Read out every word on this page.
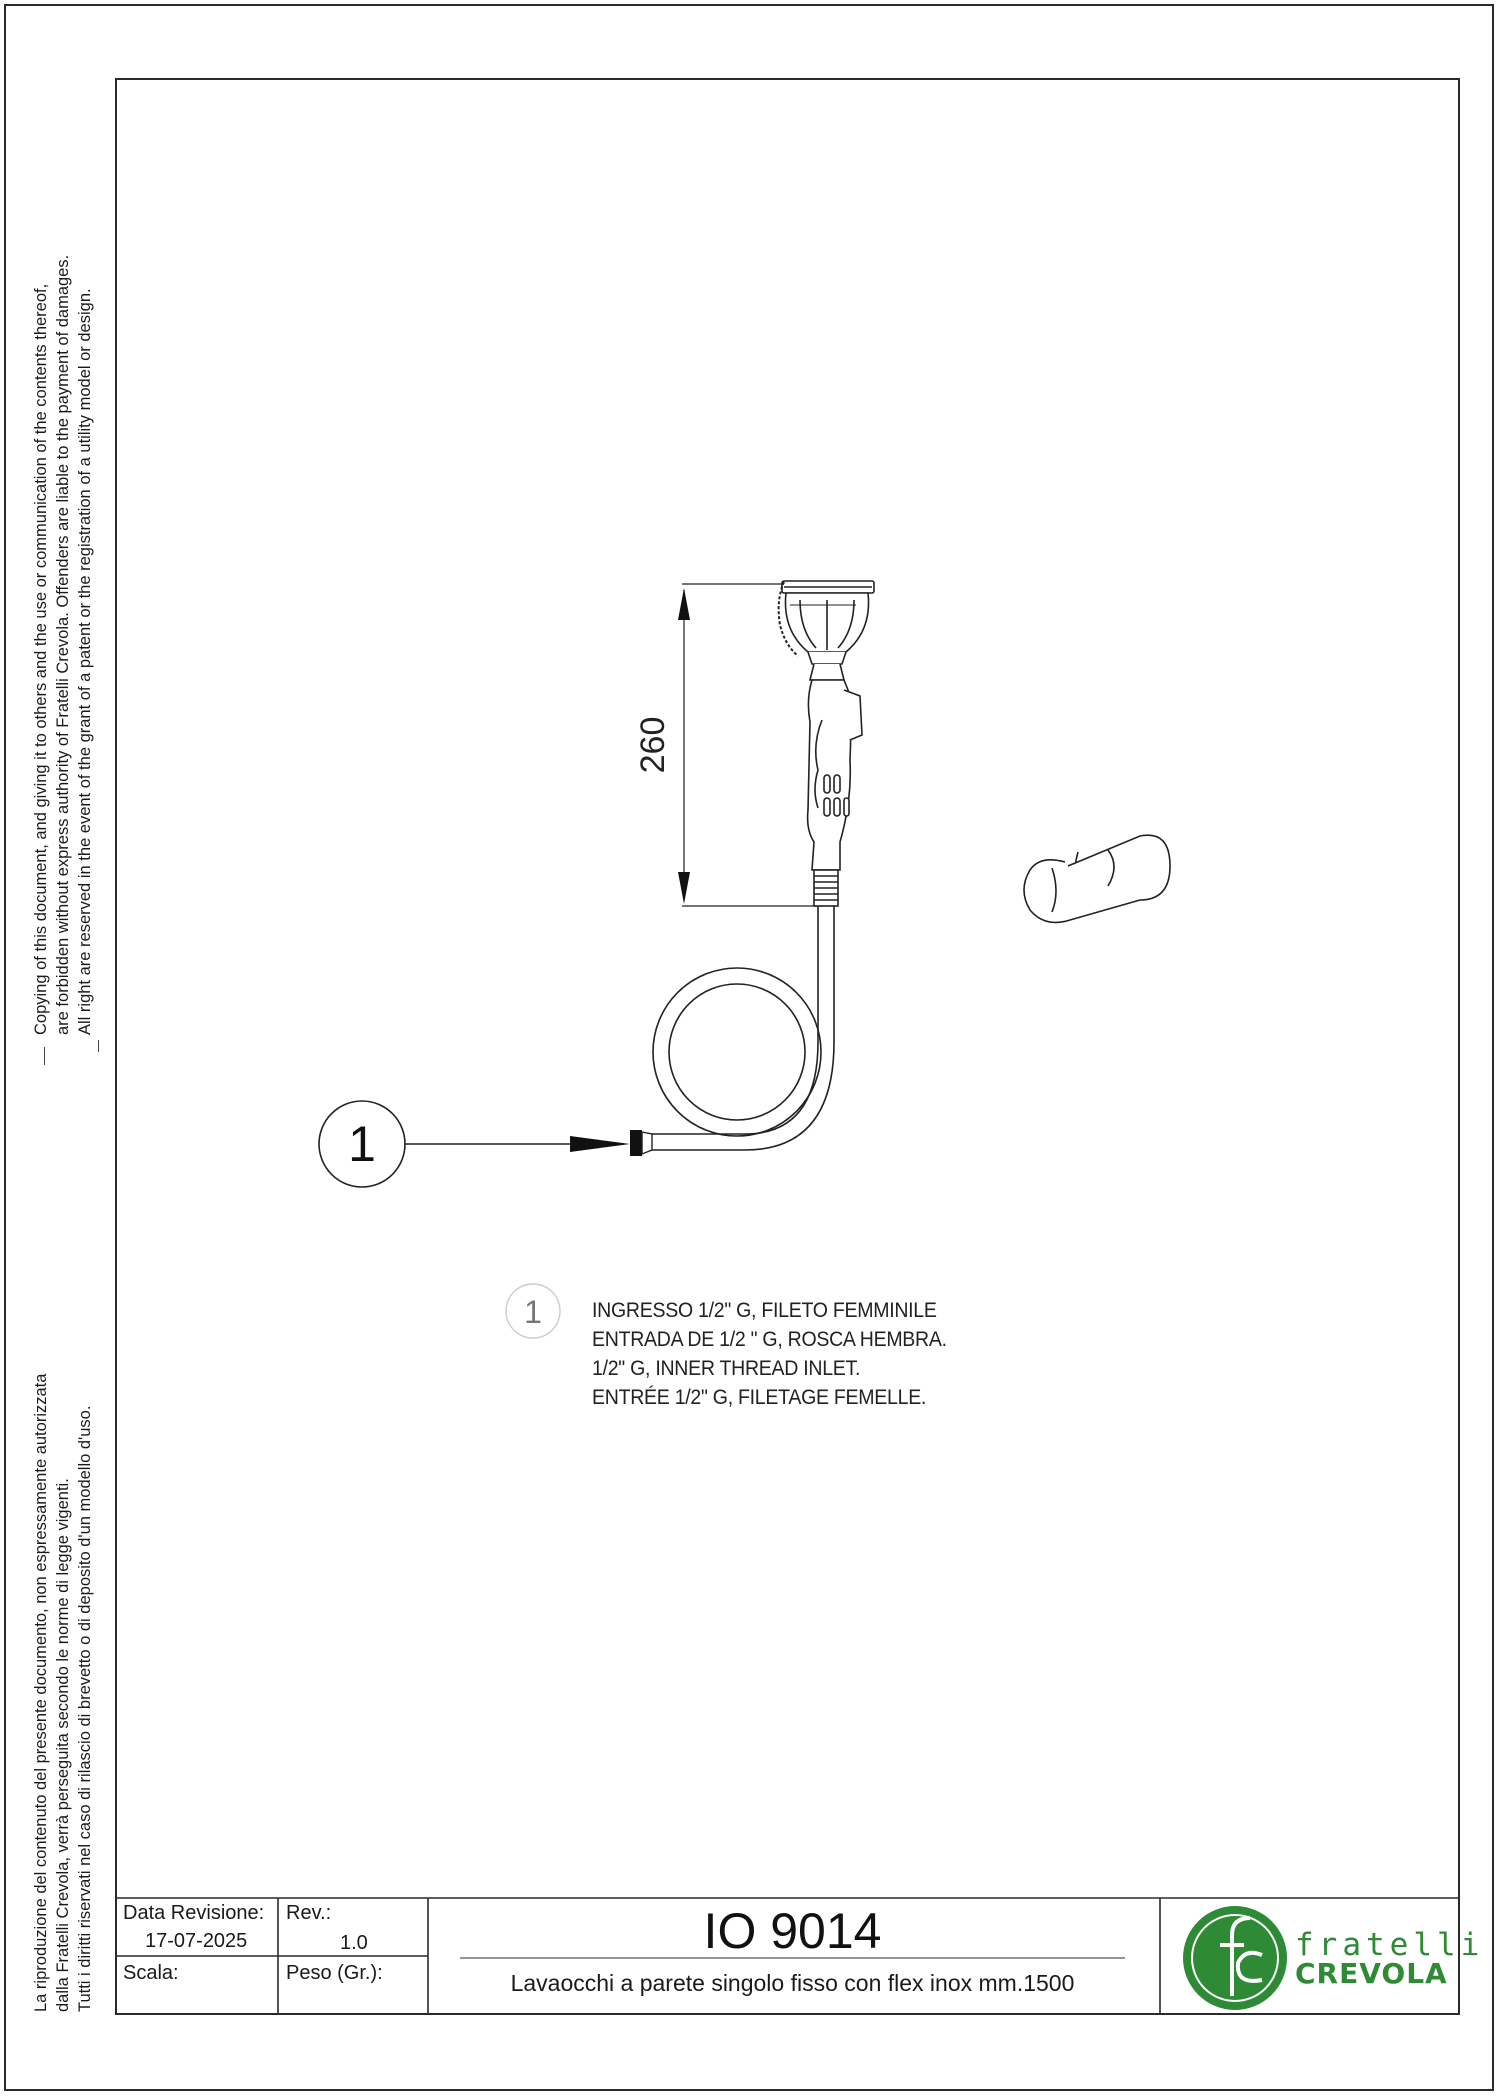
Copying of this document, and giving it to others and the use or communication of the contents thereof, are forbidden without express authority of Fratelli Crevola. Offenders are liable to the payment of damages. All right are reserved in the event of the grant of a patent or the registration of a utility model or design.
La riproduzione del contenuto del presente documento, non espressamente autorizzata dalla Fratelli Crevola, verrà perseguita secondo le norme di legge vigenti. Tutti i diritti riservati nel caso di rilascio di brevetto o di deposito d'un modello d'uso.
260
1
1 INGRESSO 1/2" G, FILETO FEMMINILE
ENTRADA DE 1/2 " G, ROSCA HEMBRA.
1/2" G, INNER THREAD INLET.
ENTRÉE 1/2" G, FILETAGE FEMELLE.
Data Revisione:
17-07-2025
Rev.:
1.0
Scala:	Peso (Gr.):
IO 9014
Lavaocchi a parete singolo fisso con flex inox mm.1500
fratelli
CREVOLA
